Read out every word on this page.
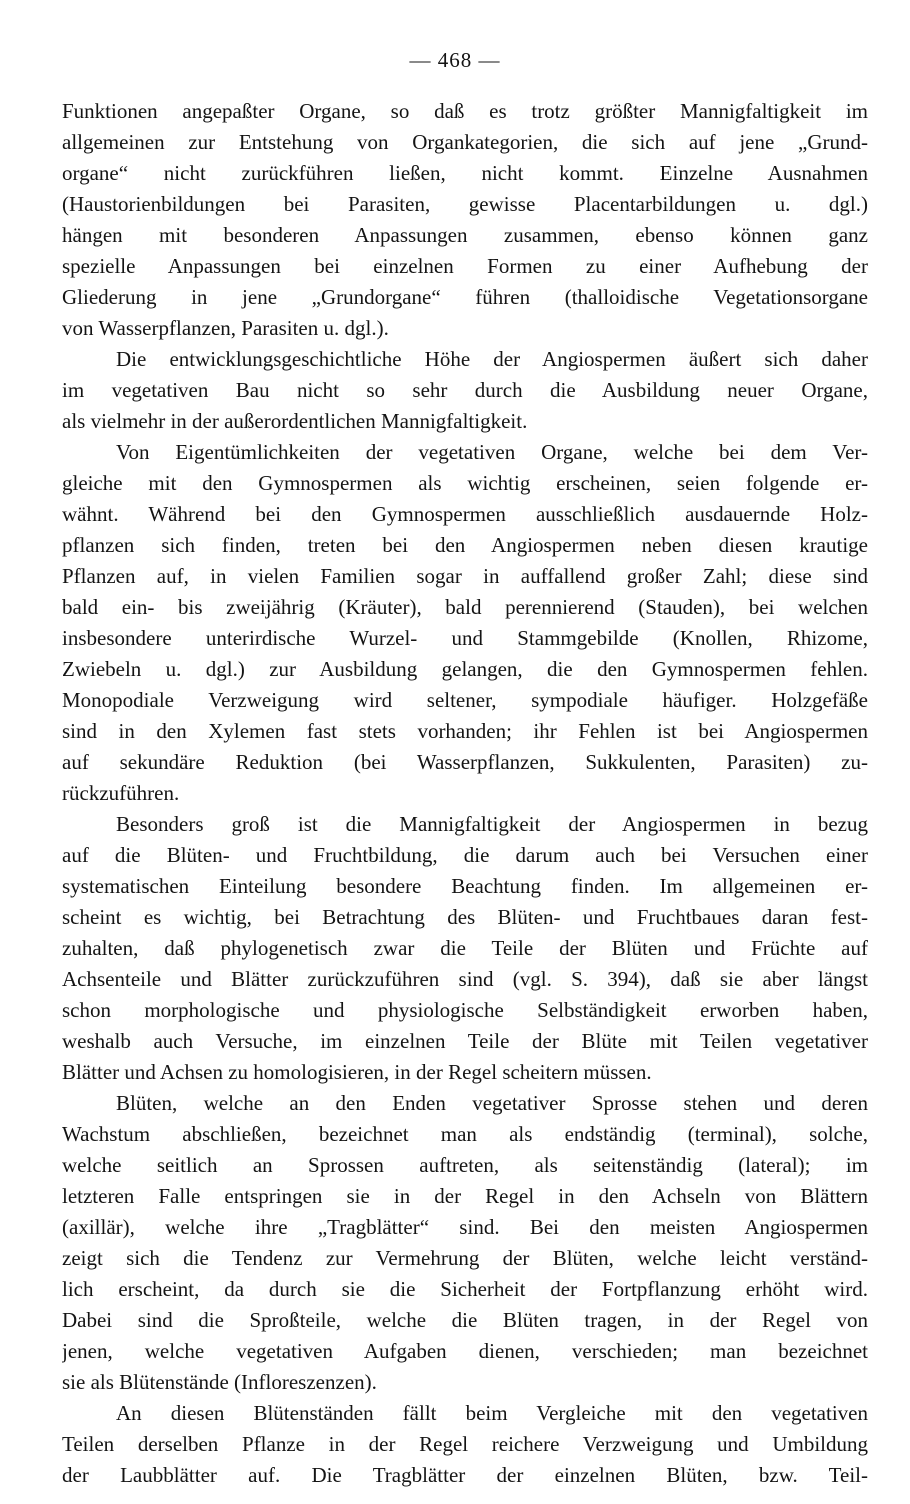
— 468 —
Funktionen angepaßter Organe, so daß es trotz größter Mannigfaltigkeit im
allgemeinen zur Entstehung von Organkategorien, die sich auf jene „Grund-
organe“ nicht zurückführen ließen, nicht kommt. Einzelne Ausnahmen
(Haustorienbildungen bei Parasiten, gewisse Placentarbildungen u. dgl.)
hängen mit besonderen Anpassungen zusammen, ebenso können ganz
spezielle Anpassungen bei einzelnen Formen zu einer Aufhebung der
Gliederung in jene „Grundorgane“ führen (thalloidische Vegetationsorgane
von Wasserpflanzen, Parasiten u. dgl.).
Die entwicklungsgeschichtliche Höhe der Angiospermen äußert sich daher
im vegetativen Bau nicht so sehr durch die Ausbildung neuer Organe,
als vielmehr in der außerordentlichen Mannigfaltigkeit.
Von Eigentümlichkeiten der vegetativen Organe, welche bei dem Ver-
gleiche mit den Gymnospermen als wichtig erscheinen, seien folgende er-
wähnt. Während bei den Gymnospermen ausschließlich ausdauernde Holz-
pflanzen sich finden, treten bei den Angiospermen neben diesen krautige
Pflanzen auf, in vielen Familien sogar in auffallend großer Zahl; diese sind
bald ein- bis zweijährig (Kräuter), bald perennierend (Stauden), bei welchen
insbesondere unterirdische Wurzel- und Stammgebilde (Knollen, Rhizome,
Zwiebeln u. dgl.) zur Ausbildung gelangen, die den Gymnospermen fehlen.
Monopodiale Verzweigung wird seltener, sympodiale häufiger. Holzgefäße
sind in den Xylemen fast stets vorhanden; ihr Fehlen ist bei Angiospermen
auf sekundäre Reduktion (bei Wasserpflanzen, Sukkulenten, Parasiten) zu-
rückzuführen.
Besonders groß ist die Mannigfaltigkeit der Angiospermen in bezug
auf die Blüten- und Fruchtbildung, die darum auch bei Versuchen einer
systematischen Einteilung besondere Beachtung finden. Im allgemeinen er-
scheint es wichtig, bei Betrachtung des Blüten- und Fruchtbaues daran fest-
zuhalten, daß phylogenetisch zwar die Teile der Blüten und Früchte auf
Achsenteile und Blätter zurückzuführen sind (vgl. S. 394), daß sie aber längst
schon morphologische und physiologische Selbständigkeit erworben haben,
weshalb auch Versuche, im einzelnen Teile der Blüte mit Teilen vegetativer
Blätter und Achsen zu homologisieren, in der Regel scheitern müssen.
Blüten, welche an den Enden vegetativer Sprosse stehen und deren
Wachstum abschließen, bezeichnet man als endständig (terminal), solche,
welche seitlich an Sprossen auftreten, als seitenständig (lateral); im
letzteren Falle entspringen sie in der Regel in den Achseln von Blättern
(axillär), welche ihre „Tragblätter“ sind. Bei den meisten Angiospermen
zeigt sich die Tendenz zur Vermehrung der Blüten, welche leicht verständ-
lich erscheint, da durch sie die Sicherheit der Fortpflanzung erhöht wird.
Dabei sind die Sproßteile, welche die Blüten tragen, in der Regel von
jenen, welche vegetativen Aufgaben dienen, verschieden; man bezeichnet
sie als Blütenstände (Infloreszenzen).
An diesen Blütenständen fällt beim Vergleiche mit den vegetativen
Teilen derselben Pflanze in der Regel reichere Verzweigung und Umbildung
der Laubblätter auf. Die Tragblätter der einzelnen Blüten, bzw. Teil-
